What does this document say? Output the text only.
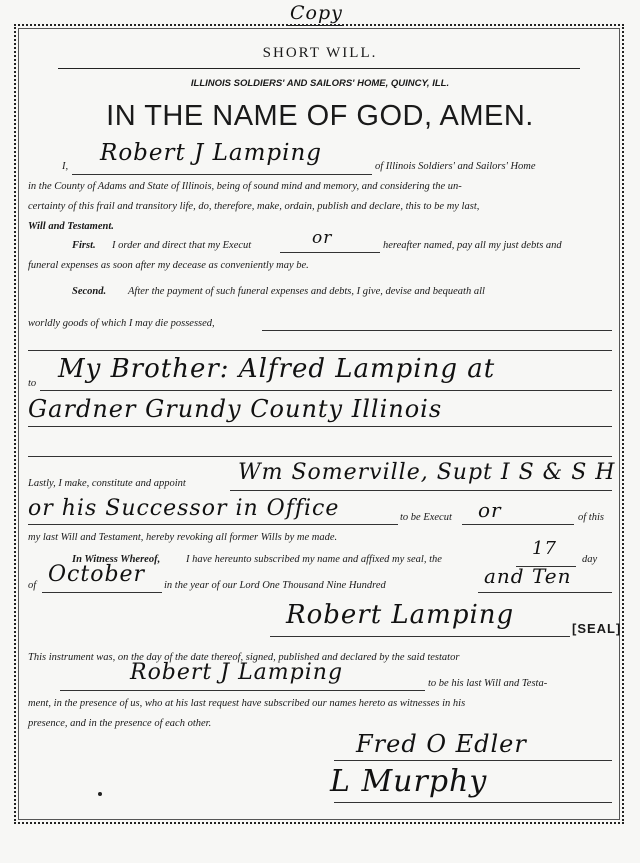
Copy
SHORT WILL.
ILLINOIS SOLDIERS' AND SAILORS' HOME, QUINCY, ILL.
IN THE NAME OF GOD, AMEN.
I,
Robert J Lamping
of Illinois Soldiers' and Sailors' Home
in the County of Adams and State of Illinois, being of sound mind and memory, and considering the un-
certainty of this frail and transitory life, do, therefore, make, ordain, publish and declare, this to be my last,
Will and Testament.
First. I order and direct that my Execut	or	hereafter named, pay all my just debts and
funeral expenses as soon after my decease as conveniently may be.
Second. After the payment of such funeral expenses and debts, I give, devise and bequeath all
worldly goods of which I may die possessed,
to My Brother: Alfred Lamping at
Gardner Grundy County Illinois
Lastly, I make, constitute and appoint Wm Somerville, Supt I S & S H
or his Successor in Office	to be Execut or	of this
my last Will and Testament, hereby revoking all former Wills by me made.
In Witness Whereof, I have hereunto subscribed my name and affixed my seal, the
17
day
of October in the year of our Lord One Thousand Nine Hundred	and Ten
Robert Lamping	[SEAL]
This instrument was, on the day of the date thereof, signed, published and declared by the said testator
Robert J Lamping	to be his last Will and Testa-
ment, in the presence of us, who at his last request have subscribed our names hereto as witnesses in his
presence, and in the presence of each other.
Fred O Edler
L Murphy
